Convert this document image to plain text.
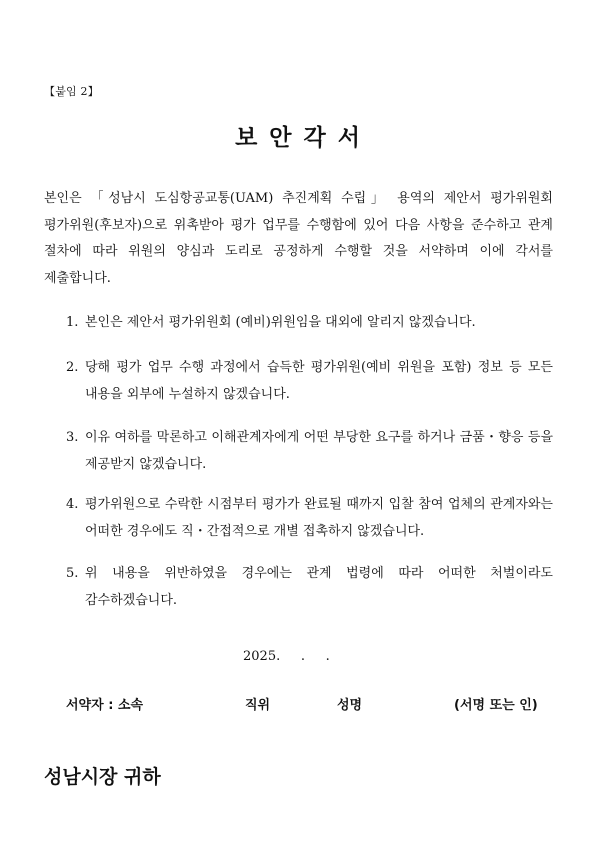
【붙임 2】
보안각서

본인은 「성남시 도심항공교통(UAM) 추진계획 수립」 용역의 제안서 평가위원회 평가위원(후보자)으로 위촉받아 평가 업무를 수행함에 있어 다음 사항을 준수하고 관계 절차에 따라 위원의 양심과 도리로 공정하게 수행할 것을 서약하며 이에 각서를 제출합니다.

1. 본인은 제안서 평가위원회 (예비)위원임을 대외에 알리지 않겠습니다.
2. 당해 평가 업무 수행 과정에서 습득한 평가위원(예비 위원을 포함) 정보 등 모든 내용을 외부에 누설하지 않겠습니다.
3. 이유 여하를 막론하고 이해관계자에게 어떤 부당한 요구를 하거나 금품・향응 등을 제공받지 않겠습니다.
4. 평가위원으로 수락한 시점부터 평가가 완료될 때까지 입찰 참여 업체의 관계자와는 어떠한 경우에도 직・간접적으로 개별 접촉하지 않겠습니다.
5. 위 내용을 위반하였을 경우에는 관계 법령에 따라 어떠한 처벌이라도 감수하겠습니다.
2025.     .     .
서약자 : 소속	직위	성명	(서명 또는 인)
성남시장 귀하
